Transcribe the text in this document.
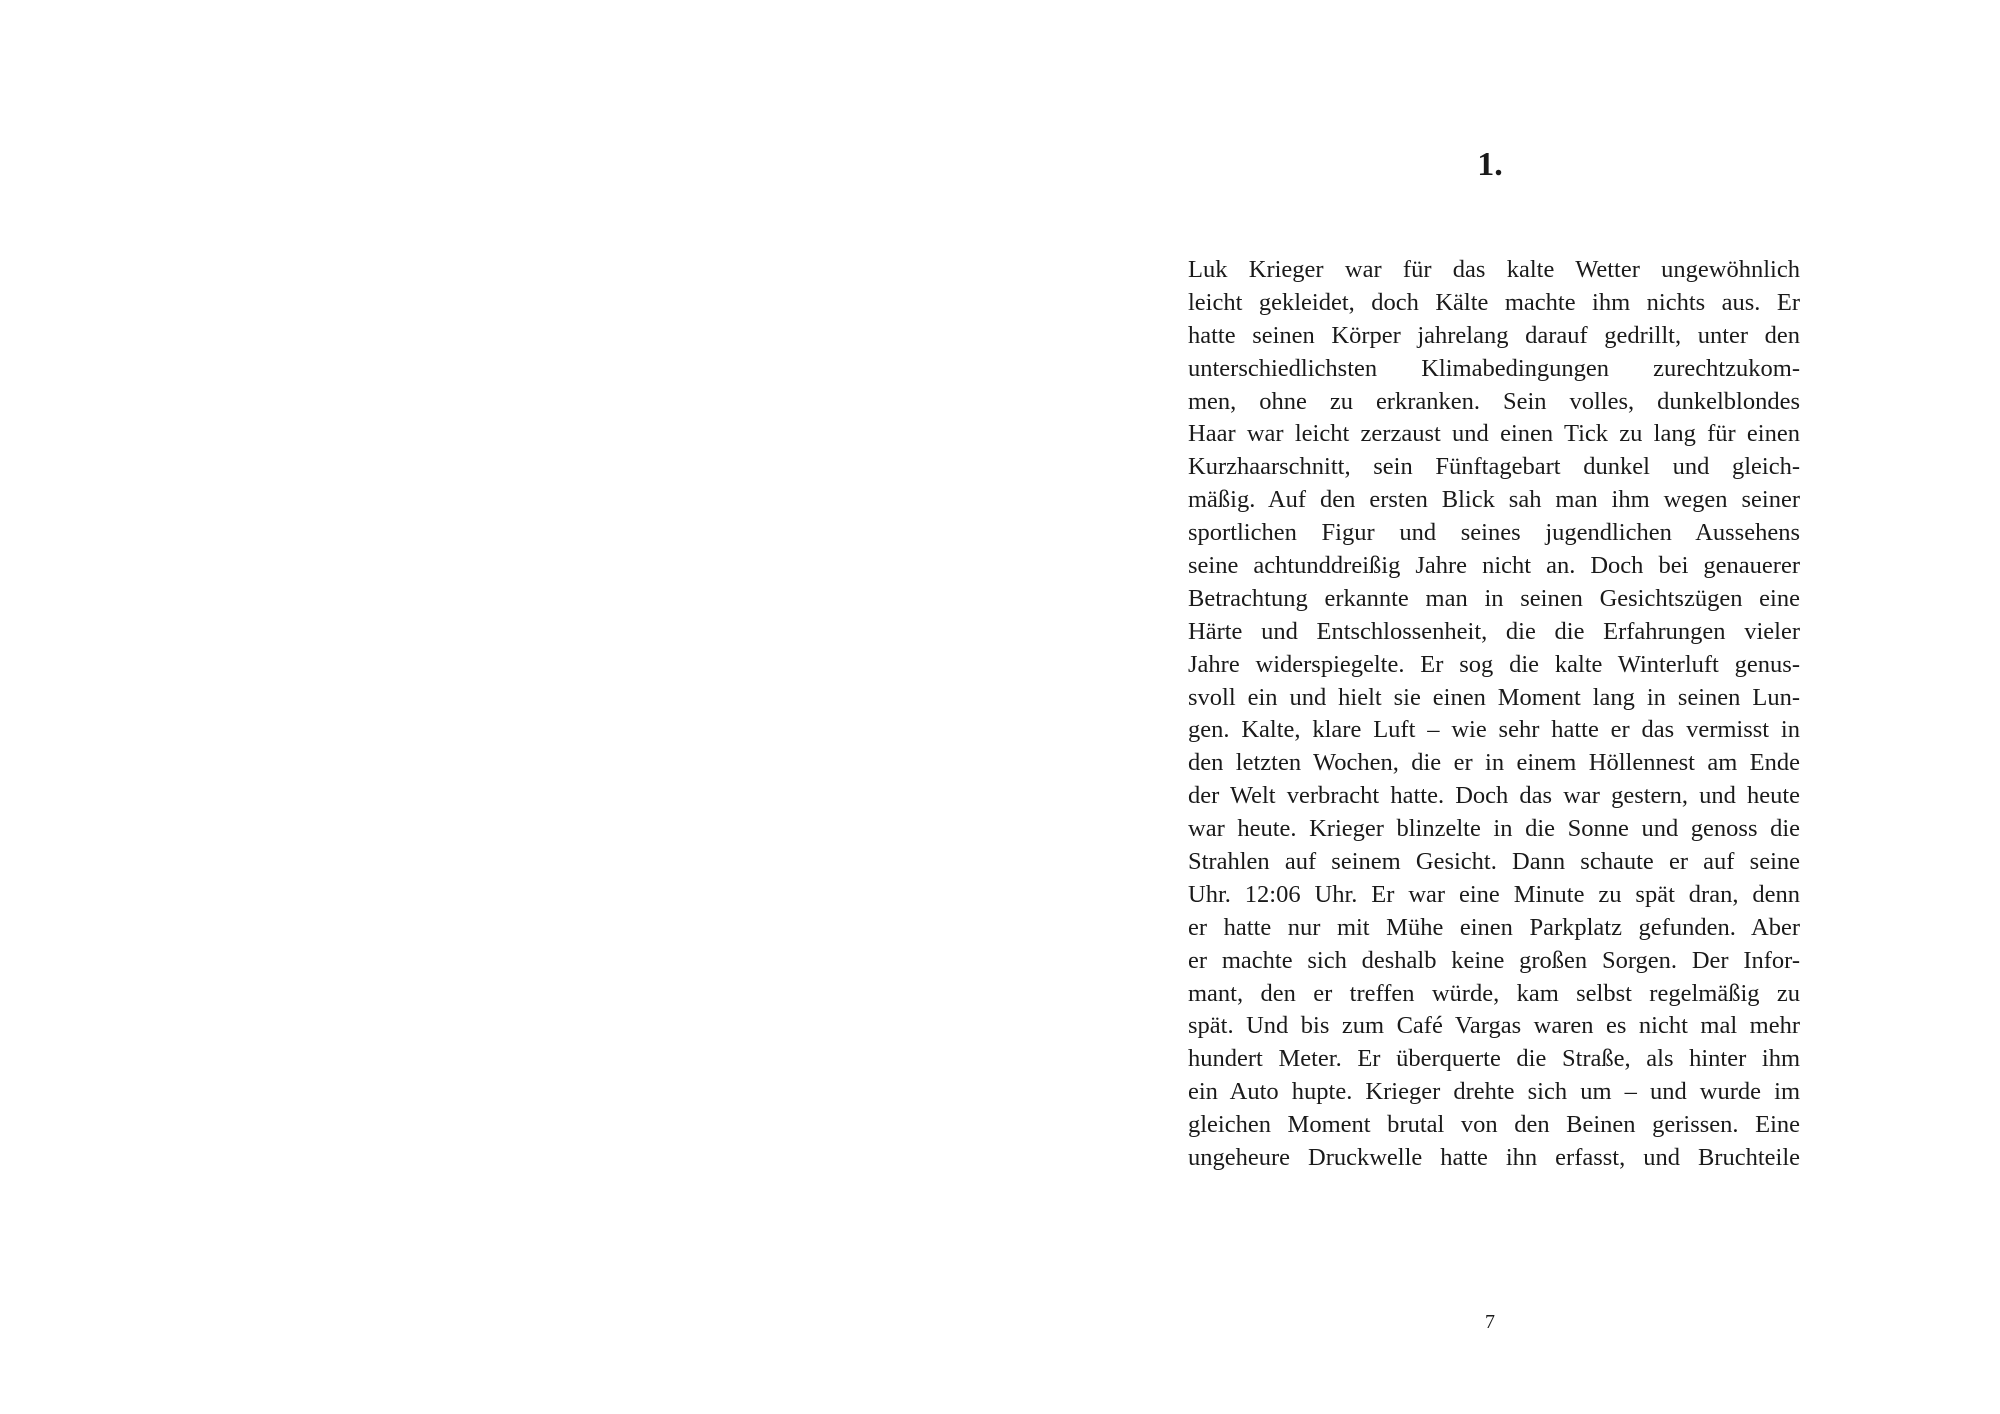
1.

Luk Krieger war für das kalte Wetter ungewöhnlich
leicht gekleidet, doch Kälte machte ihm nichts aus. Er
hatte seinen Körper jahrelang darauf gedrillt, unter den
unterschiedlichsten Klimabedingungen zurechtzukom-
men, ohne zu erkranken. Sein volles, dunkelblondes
Haar war leicht zerzaust und einen Tick zu lang für einen
Kurzhaarschnitt, sein Fünftagebart dunkel und gleich-
mäßig. Auf den ersten Blick sah man ihm wegen seiner
sportlichen Figur und seines jugendlichen Aussehens
seine achtunddreißig Jahre nicht an. Doch bei genauerer
Betrachtung erkannte man in seinen Gesichtszügen eine
Härte und Entschlossenheit, die die Erfahrungen vieler
Jahre widerspiegelte. Er sog die kalte Winterluft genus-
svoll ein und hielt sie einen Moment lang in seinen Lun-
gen. Kalte, klare Luft – wie sehr hatte er das vermisst in
den letzten Wochen, die er in einem Höllennest am Ende
der Welt verbracht hatte. Doch das war gestern, und heute
war heute. Krieger blinzelte in die Sonne und genoss die
Strahlen auf seinem Gesicht. Dann schaute er auf seine
Uhr. 12:06 Uhr. Er war eine Minute zu spät dran, denn
er hatte nur mit Mühe einen Parkplatz gefunden. Aber
er machte sich deshalb keine großen Sorgen. Der Infor-
mant, den er treffen würde, kam selbst regelmäßig zu
spät. Und bis zum Café Vargas waren es nicht mal mehr
hundert Meter. Er überquerte die Straße, als hinter ihm
ein Auto hupte. Krieger drehte sich um – und wurde im
gleichen Moment brutal von den Beinen gerissen. Eine
ungeheure Druckwelle hatte ihn erfasst, und Bruchteile

7
